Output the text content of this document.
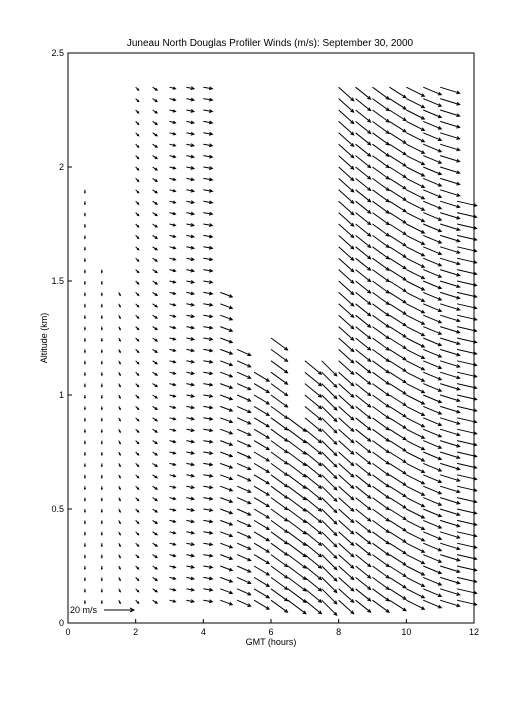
Juneau North Douglas Profiler Winds (m/s): September 30, 2000
0	2	4	6	8	10	12
0
0.5
1
1.5
2
2.5
GMT (hours)
Altitude (km)
20 m/s
